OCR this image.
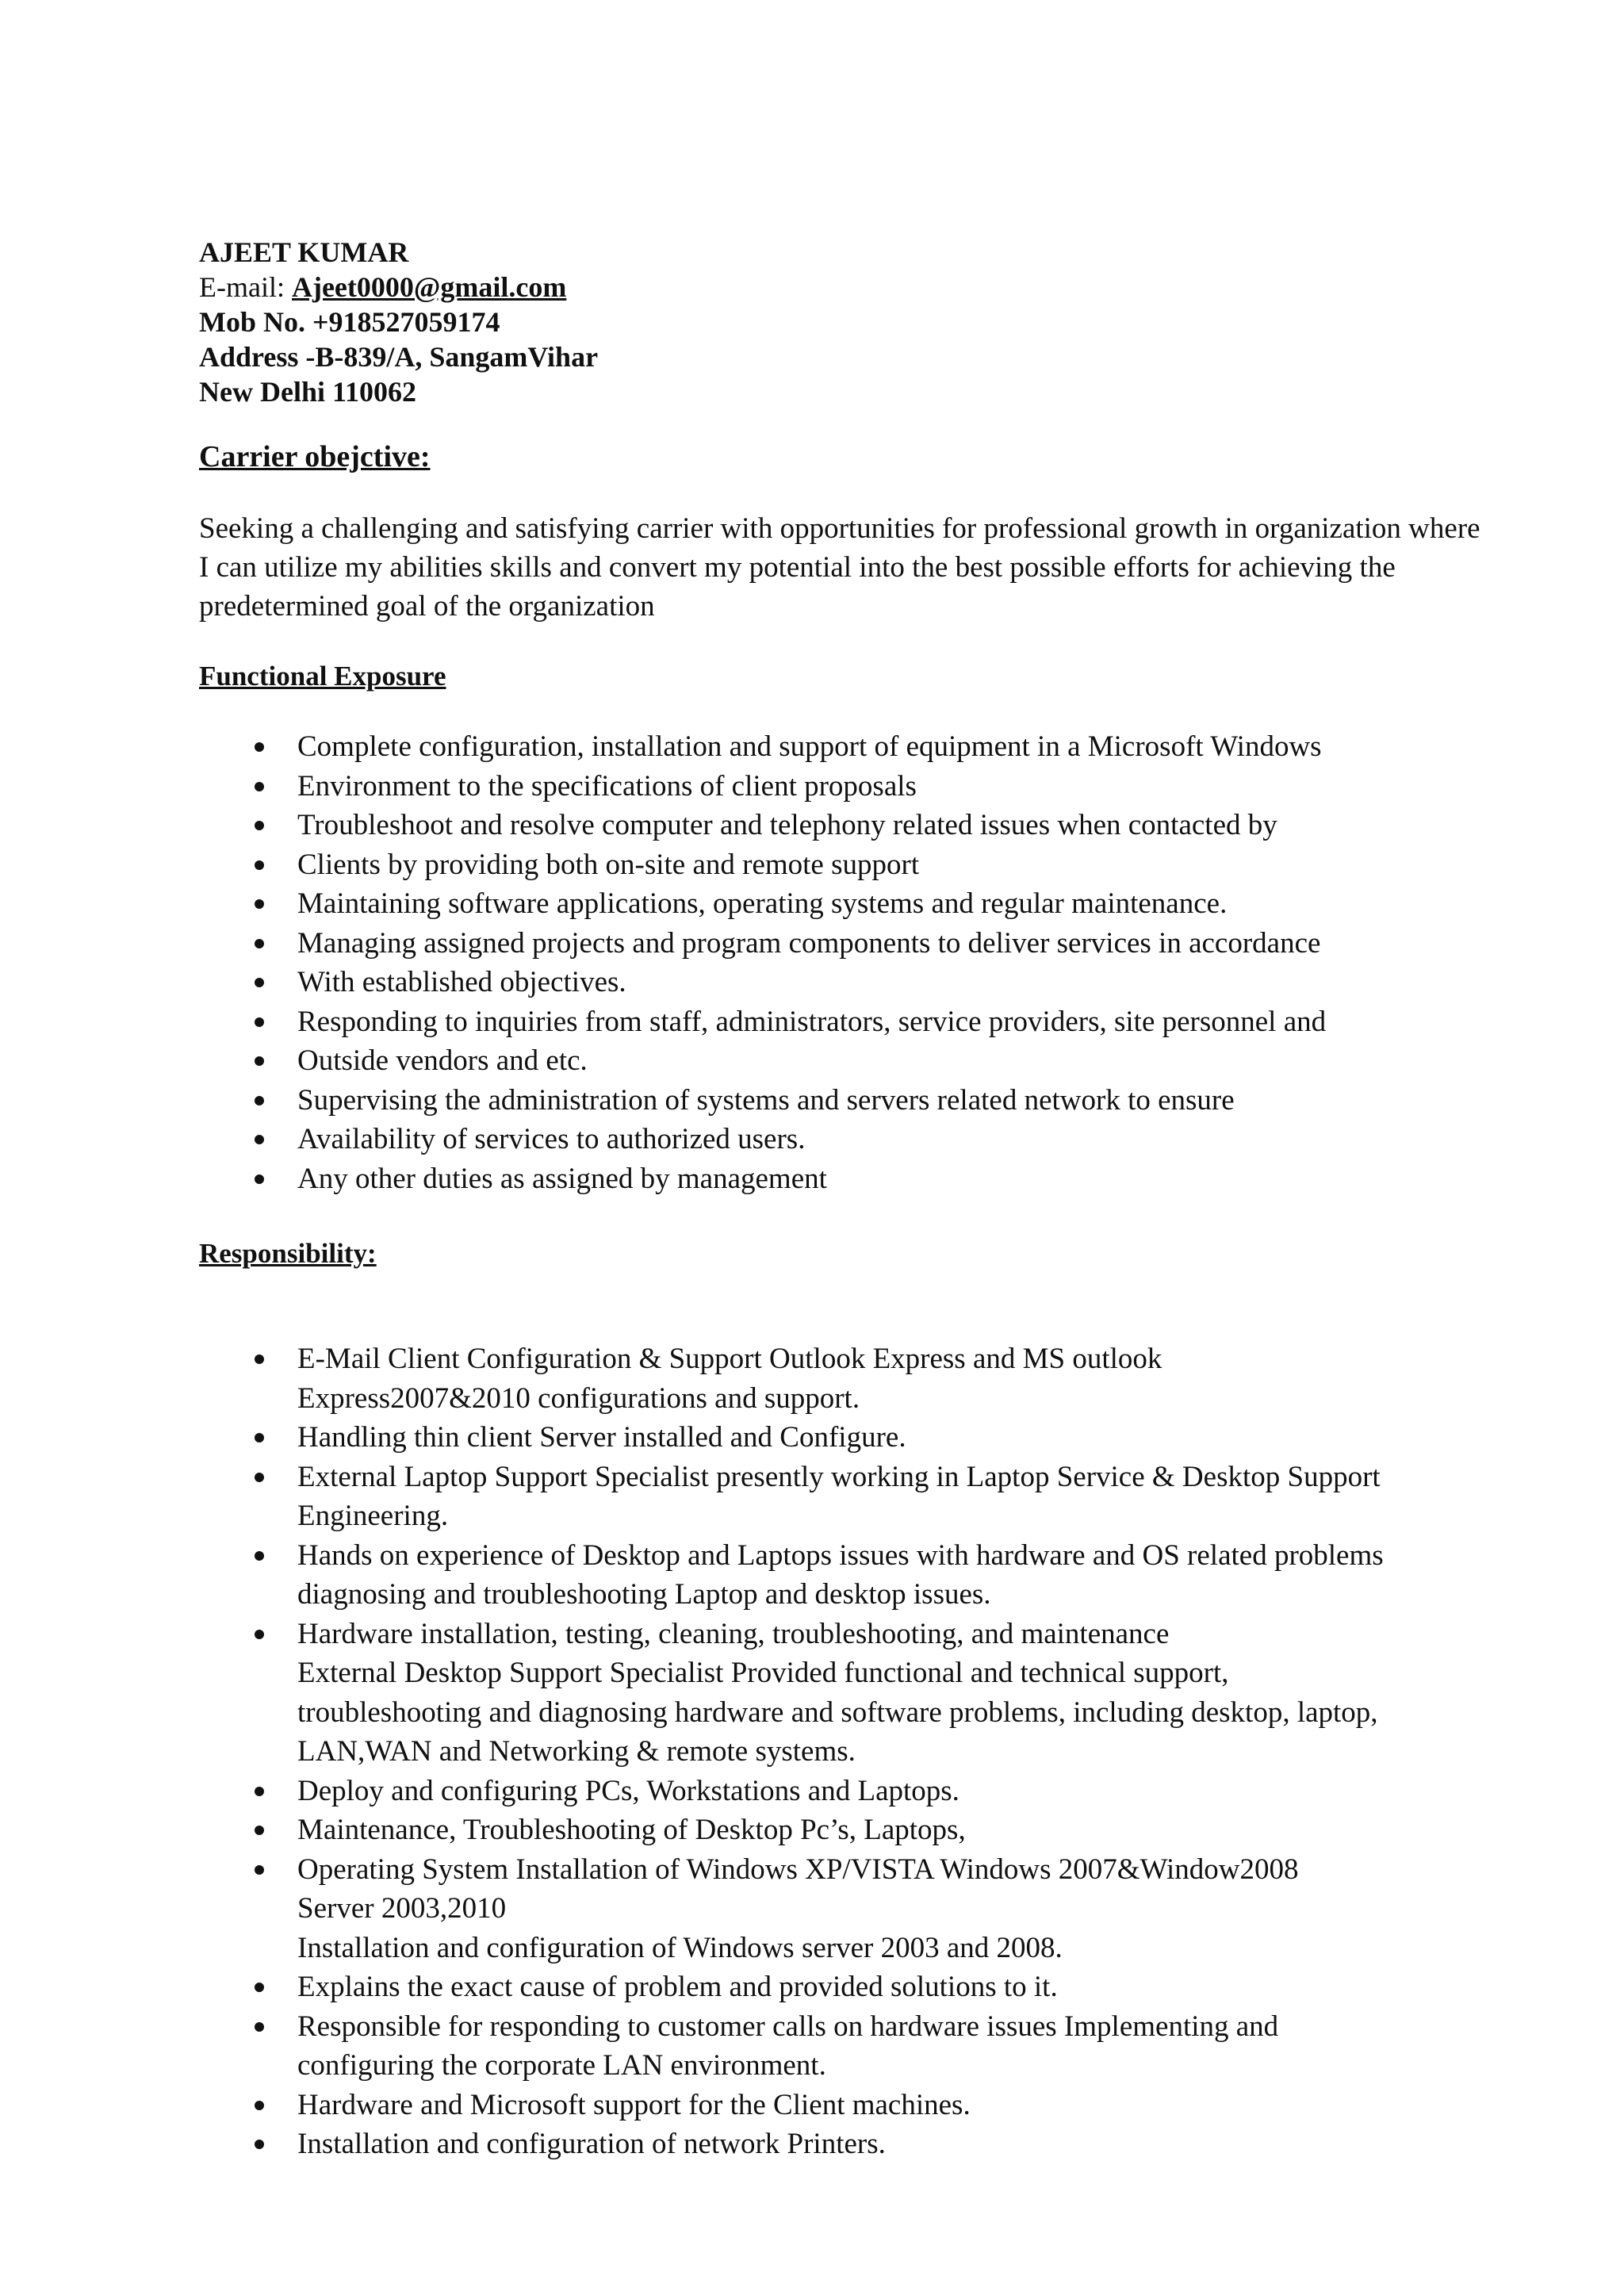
AJEET KUMAR

E-mail: Ajeet0000@gmail.com

Mob No. +918527059174

Address -B-839/A, SangamVihar

New Delhi 110062

Carrier obejctive:

Seeking a challenging and satisfying carrier with opportunities for professional growth in organization where I can utilize my abilities skills and convert my potential into the best possible efforts for achieving the predetermined goal of the organization

Functional Exposure
Complete configuration, installation and support of equipment in a Microsoft Windows
Environment to the specifications of client proposals
Troubleshoot and resolve computer and telephony related issues when contacted by
Clients by providing both on-site and remote support
Maintaining software applications, operating systems and regular maintenance.
Managing assigned projects and program components to deliver services in accordance
With established objectives.
Responding to inquiries from staff, administrators, service providers, site personnel and
Outside vendors and etc.
Supervising the administration of systems and servers related network to ensure
Availability of services to authorized users.
Any other duties as assigned by management
Responsibility:
E-Mail Client Configuration & Support Outlook Express and MS outlook
Express2007&2010 configurations and support.
Handling thin client Server installed and Configure.
External Laptop Support Specialist presently working in Laptop Service & Desktop Support
Engineering.
Hands on experience of Desktop and Laptops issues with hardware and OS related problems
diagnosing and troubleshooting Laptop and desktop issues.
Hardware installation, testing, cleaning, troubleshooting, and maintenance
External Desktop Support Specialist Provided functional and technical support,
troubleshooting and diagnosing hardware and software problems, including desktop, laptop,
LAN,WAN and Networking & remote systems.
Deploy and configuring PCs, Workstations and Laptops.
Maintenance, Troubleshooting of Desktop Pc’s, Laptops,
Operating System Installation of Windows XP/VISTA Windows 2007&Window2008
Server 2003,2010
Installation and configuration of Windows server 2003 and 2008.
Explains the exact cause of problem and provided solutions to it.
Responsible for responding to customer calls on hardware issues Implementing and
configuring the corporate LAN environment.
Hardware and Microsoft support for the Client machines.
Installation and configuration of network Printers.
